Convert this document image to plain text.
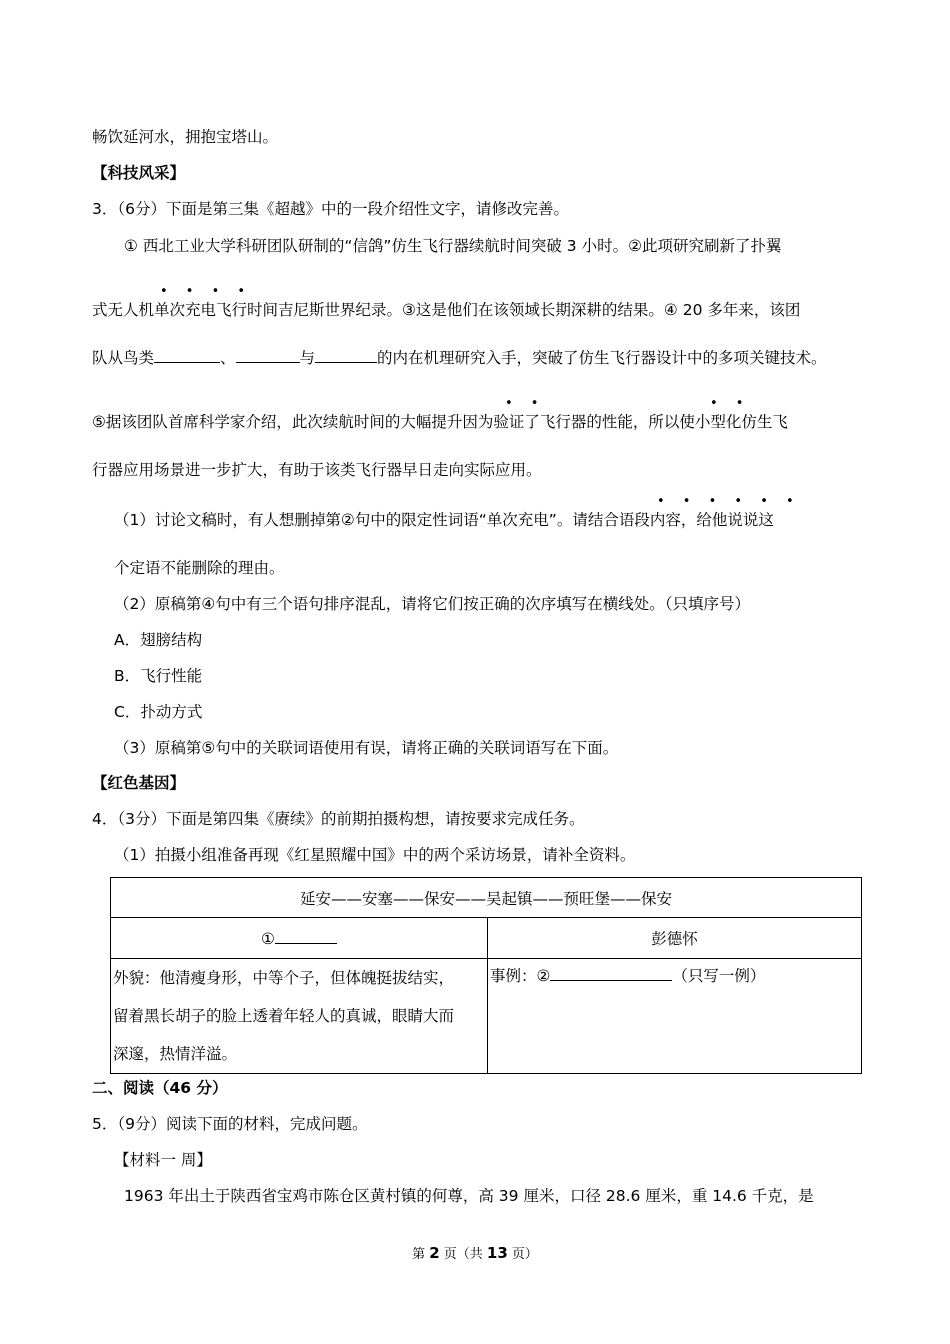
畅饮延河水，拥抱宝塔山。
【科技风采】
3．（6分）下面是第三集《超越》中的一段介绍性文字，请修改完善。
① 西北工业大学科研团队研制的“信鸽”仿生飞行器续航时间突破 3 小时。②此项研究刷新了扑翼
• • • •
式无人机单次充电飞行时间吉尼斯世界纪录。③这是他们在该领域长期深耕的结果。④ 20 多年来，该团
队从鸟类	、	与	的内在机理研究入手，突破了仿生飞行器设计中的多项关键技术。
• •	• •
⑤据该团队首席科学家介绍，此次续航时间的大幅提升因为验证了飞行器的性能，所以使小型化仿生飞
行器应用场景进一步扩大，有助于该类飞行器早日走向实际应用。
• • • • • •
（1）讨论文稿时，有人想删掉第②句中的限定性词语“单次充电”。请结合语段内容，给他说说这
个定语不能删除的理由。
（2）原稿第④句中有三个语句排序混乱，请将它们按正确的次序填写在横线处。（只填序号）
A．翅膀结构
B．飞行性能
C．扑动方式
（3）原稿第⑤句中的关联词语使用有误，请将正确的关联词语写在下面。
【红色基因】
4．（3分）下面是第四集《赓续》的前期拍摄构想，请按要求完成任务。
（1）拍摄小组准备再现《红星照耀中国》中的两个采访场景，请补全资料。
延安——安塞——保安——吴起镇——预旺堡——保安	
①	彭德怀

外貌：他清瘦身形，中等个子，但体魄挺拔结实，
留着黑长胡子的脸上透着年轻人的真诚，眼睛大而
深邃，热情洋溢。	事例：② （只写一例）
二、阅读（46 分）
5．（9分）阅读下面的材料，完成问题。
【材料一 周】
1963 年出土于陕西省宝鸡市陈仓区黄村镇的何尊，高 39 厘米，口径 28.6 厘米，重 14.6 千克，是
第 2 页（共 13 页）
